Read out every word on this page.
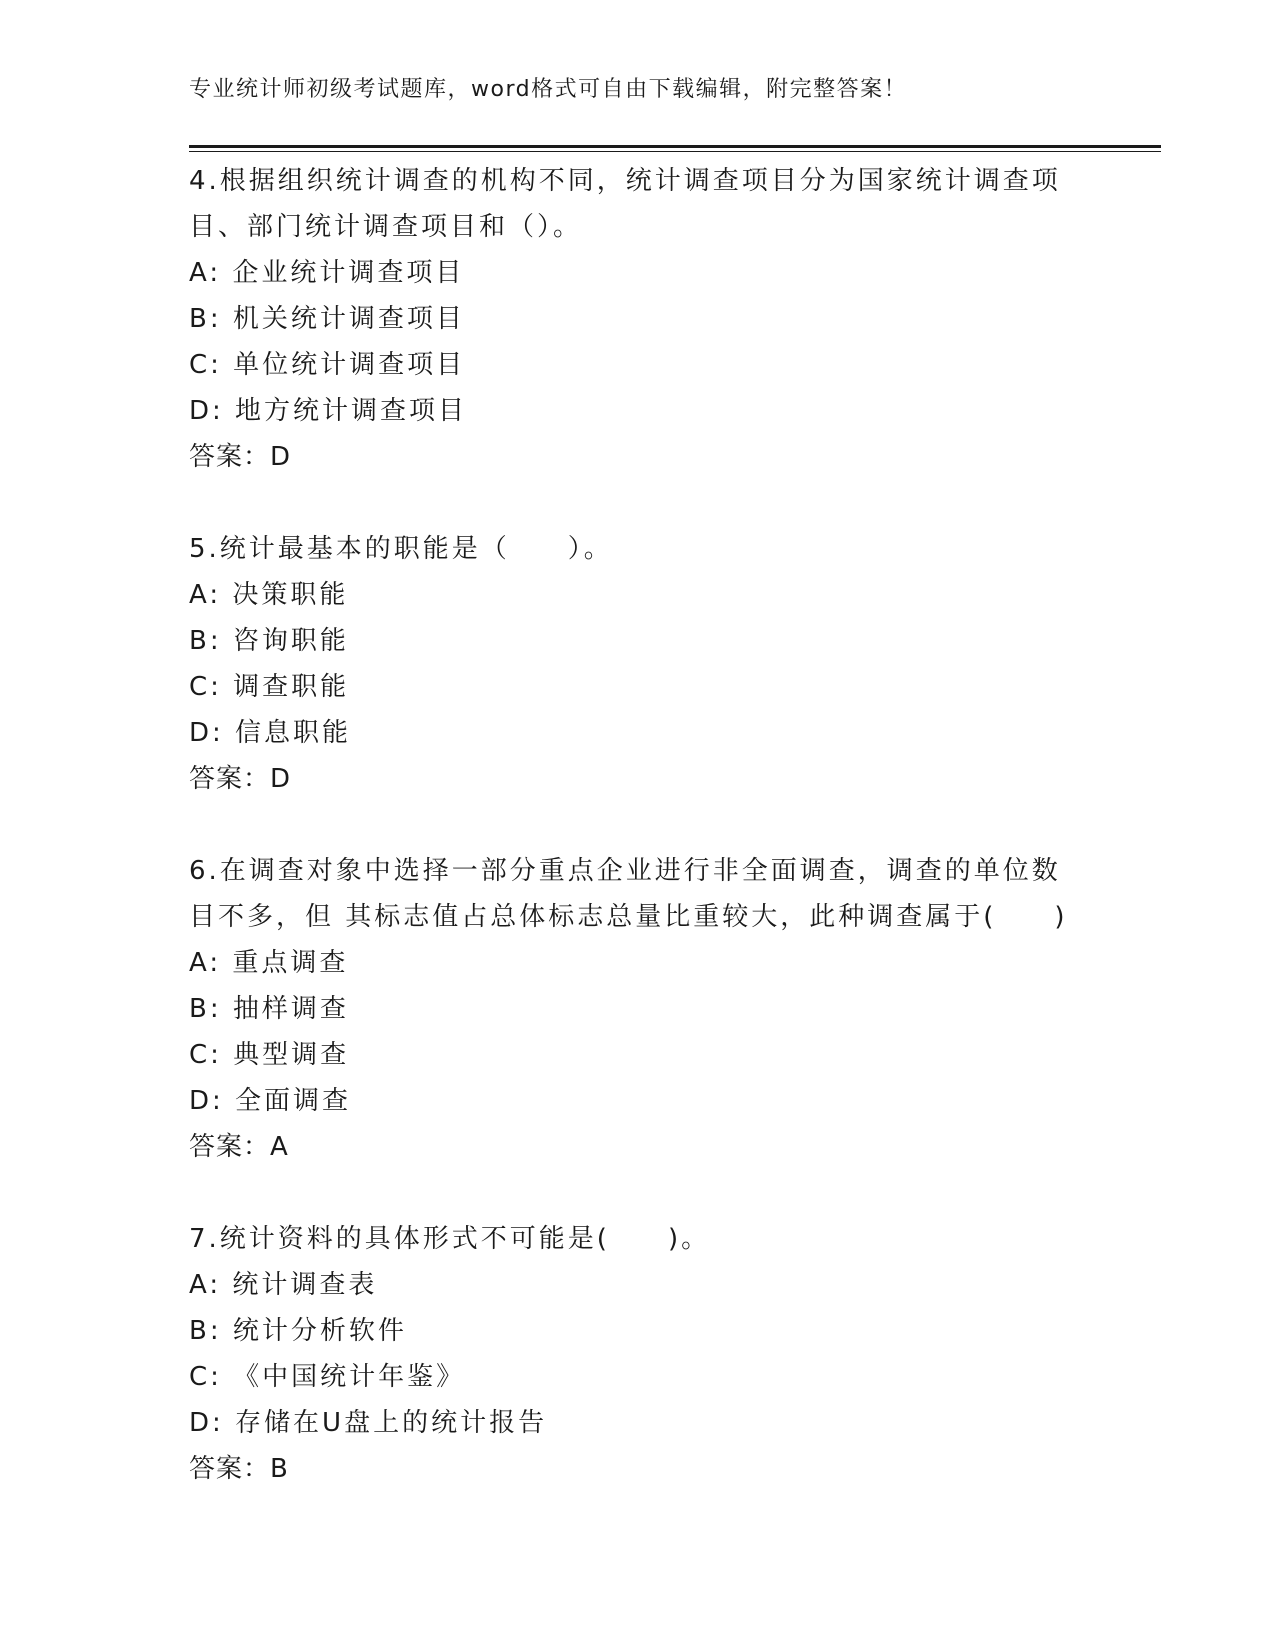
专业统计师初级考试题库，word格式可自由下载编辑，附完整答案！
4.根据组织统计调查的机构不同，统计调查项目分为国家统计调查项
目、部门统计调查项目和（）。
A: 企业统计调查项目
B: 机关统计调查项目
C: 单位统计调查项目
D: 地方统计调查项目
答案：D
5.统计最基本的职能是（　　）。
A: 决策职能
B: 咨询职能
C: 调查职能
D: 信息职能
答案：D
6.在调查对象中选择一部分重点企业进行非全面调查，调查的单位数
目不多，但 其标志值占总体标志总量比重较大，此种调查属于(　　)
A: 重点调查
B: 抽样调查
C: 典型调查
D: 全面调查
答案：A
7.统计资料的具体形式不可能是(　　)。
A: 统计调查表
B: 统计分析软件
C: 《中国统计年鉴》
D: 存储在U盘上的统计报告
答案：B
